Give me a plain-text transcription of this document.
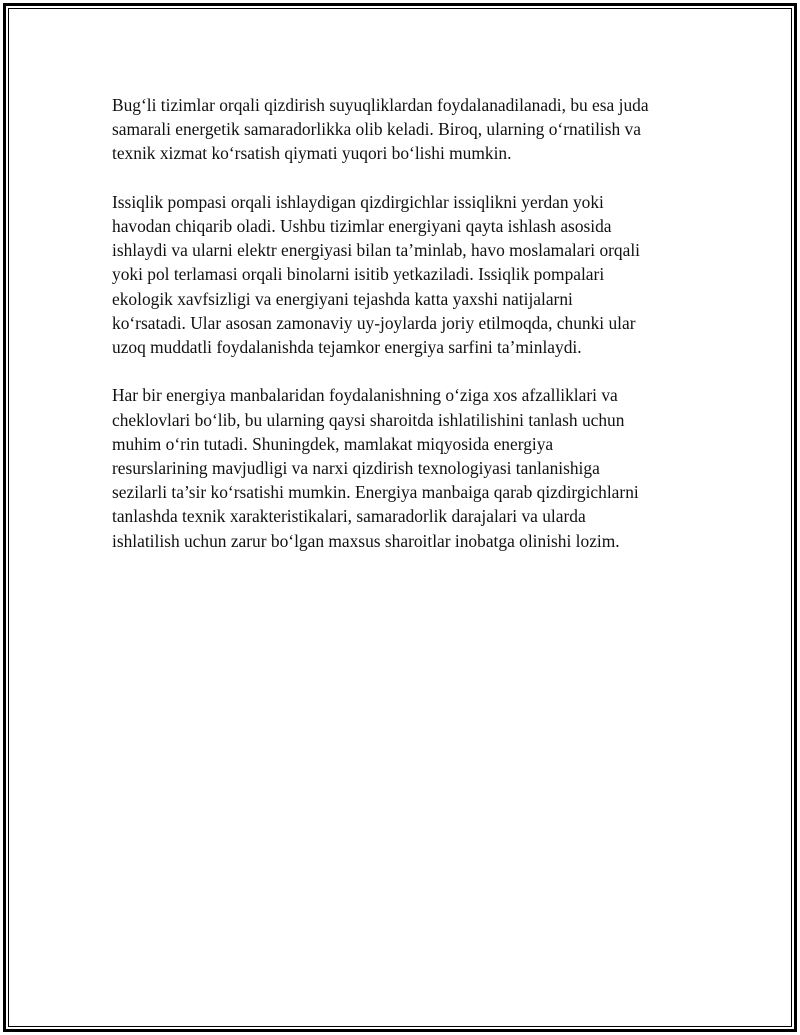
Bug‘li tizimlar orqali qizdirish suyuqliklardan foydalanadilanadi, bu esa juda
samarali energetik samaradorlikka olib keladi. Biroq, ularning o‘rnatilish va
texnik xizmat ko‘rsatish qiymati yuqori bo‘lishi mumkin.

Issiqlik pompasi orqali ishlaydigan qizdirgichlar issiqlikni yerdan yoki
havodan chiqarib oladi. Ushbu tizimlar energiyani qayta ishlash asosida
ishlaydi va ularni elektr energiyasi bilan ta’minlab, havo moslamalari orqali
yoki pol terlamasi orqali binolarni isitib yetkaziladi. Issiqlik pompalari
ekologik xavfsizligi va energiyani tejashda katta yaxshi natijalarni
ko‘rsatadi. Ular asosan zamonaviy uy-joylarda joriy etilmoqda, chunki ular
uzoq muddatli foydalanishda tejamkor energiya sarfini ta’minlaydi.

Har bir energiya manbalaridan foydalanishning o‘ziga xos afzalliklari va
cheklovlari bo‘lib, bu ularning qaysi sharoitda ishlatilishini tanlash uchun
muhim o‘rin tutadi. Shuningdek, mamlakat miqyosida energiya
resurslarining mavjudligi va narxi qizdirish texnologiyasi tanlanishiga
sezilarli ta’sir ko‘rsatishi mumkin. Energiya manbaiga qarab qizdirgichlarni
tanlashda texnik xarakteristikalari, samaradorlik darajalari va ularda
ishlatilish uchun zarur bo‘lgan maxsus sharoitlar inobatga olinishi lozim.
